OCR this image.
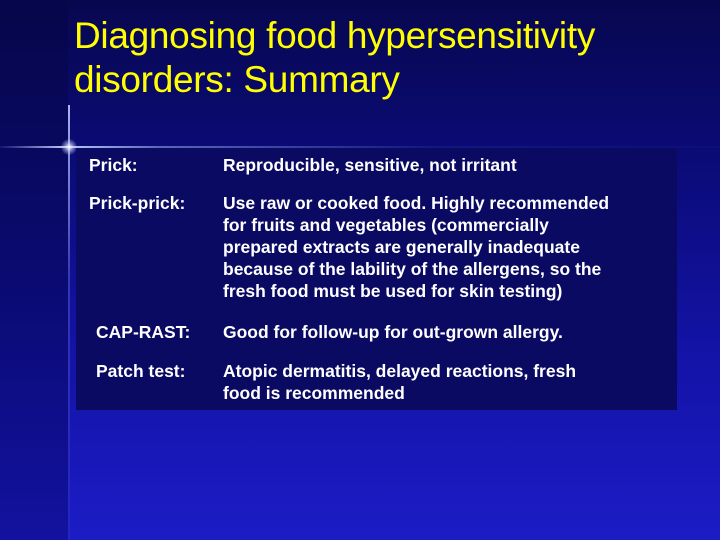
Diagnosing food hypersensitivity
disorders: Summary
Prick:	Reproducible, sensitive, not irritant
Prick-prick: Use raw or cooked food. Highly recommended
for fruits and vegetables (commercially
prepared extracts are generally inadequate
because of the lability of the allergens, so the
fresh food must be used for skin testing)
CAP-RAST: Good for follow-up for out-grown allergy.
Patch test: Atopic dermatitis, delayed reactions, fresh
food is recommended
